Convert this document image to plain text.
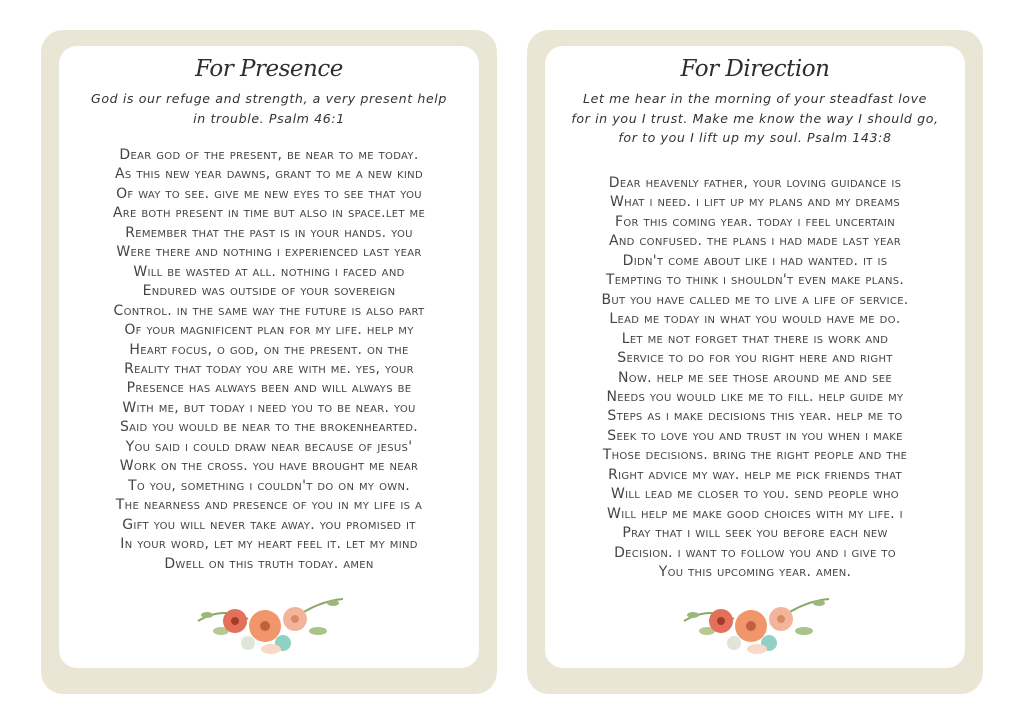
For Presence
God is our refuge and strength, a very present help
in trouble. Psalm 46:1
Dear god of the present, be near to me today.
As this new year dawns, grant to me a new kind
Of way to see. give me new eyes to see that you
Are both present in time but also in space.let me
Remember that the past is in your hands. you
Were there and nothing i experienced last year
Will be wasted at all. nothing i faced and
Endured was outside of your sovereign
Control. in the same way the future is also part
Of your magnificent plan for my life. help my
Heart focus, o god, on the present. on the
Reality that today you are with me. yes, your
Presence has always been and will always be
With me, but today i need you to be near. you
Said you would be near to the brokenhearted.
You said i could draw near because of jesus'
Work on the cross. you have brought me near
To you, something i couldn't do on my own.
The nearness and presence of you in my life is a
Gift you will never take away. you promised it
In your word, let my heart feel it. let my mind
Dwell on this truth today. amen
For Direction
Let me hear in the morning of your steadfast love
for in you I trust. Make me know the way I should go,
for to you I lift up my soul. Psalm 143:8
Dear heavenly father, your loving guidance is
What i need. i lift up my plans and my dreams
For this coming year. today i feel uncertain
And confused. the plans i had made last year
Didn't come about like i had wanted. it is
Tempting to think i shouldn't even make plans.
But you have called me to live a life of service.
Lead me today in what you would have me do.
Let me not forget that there is work and
Service to do for you right here and right
Now. help me see those around me and see
Needs you would like me to fill. help guide my
Steps as i make decisions this year. help me to
Seek to love you and trust in you when i make
Those decisions. bring the right people and the
Right advice my way. help me pick friends that
Will lead me closer to you. send people who
Will help me make good choices with my life. i
Pray that i will seek you before each new
Decision. i want to follow you and i give to
You this upcoming year. amen.
